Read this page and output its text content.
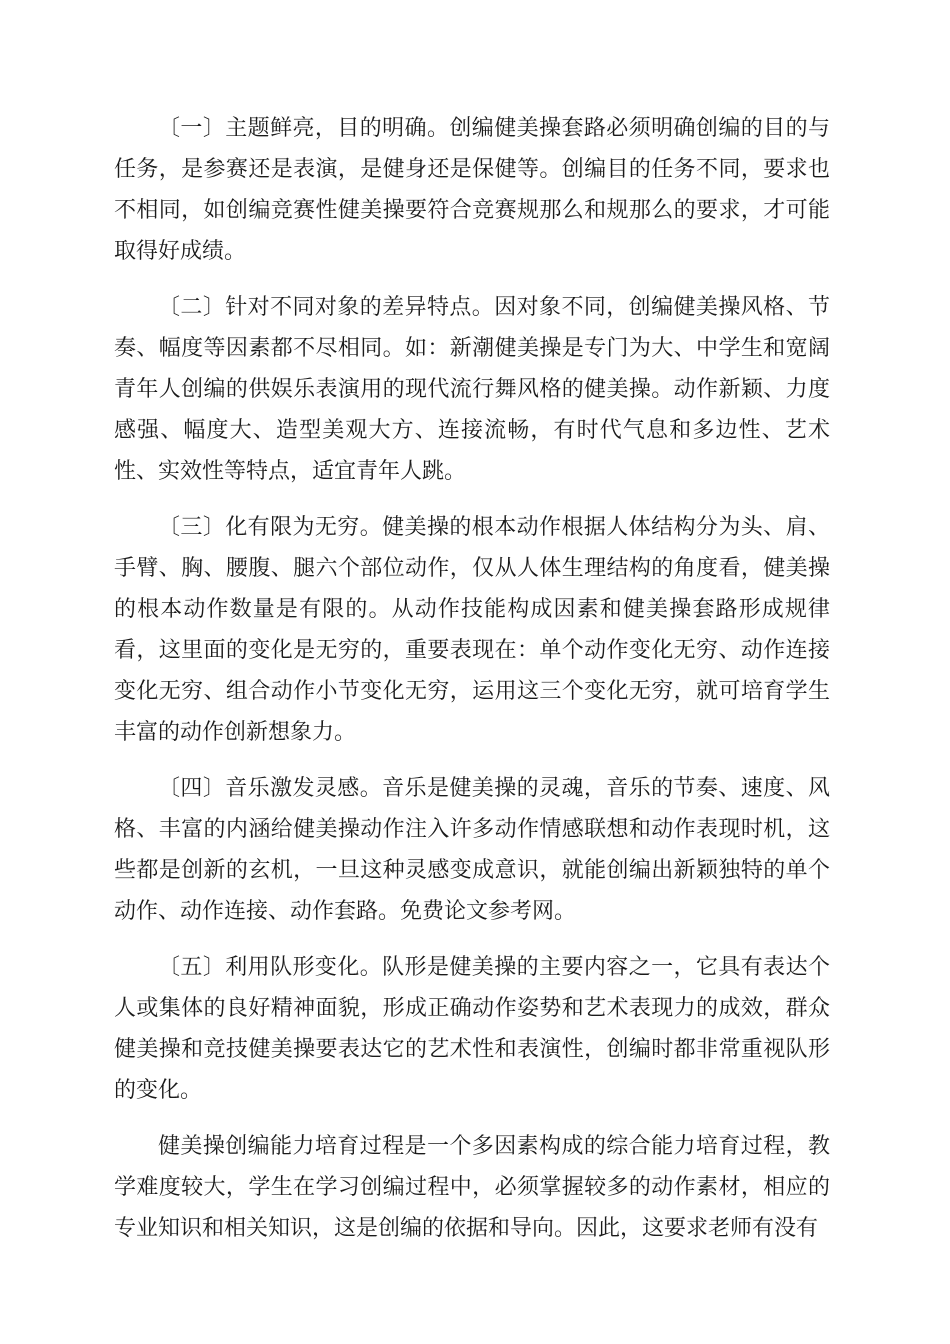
〔一〕主题鲜亮，目的明确。创编健美操套路必须明确创编的目的与任务，是参赛还是表演，是健身还是保健等。创编目的任务不同，要求也不相同，如创编竞赛性健美操要符合竞赛规那么和规那么的要求，才可能取得好成绩。

〔二〕针对不同对象的差异特点。因对象不同，创编健美操风格、节奏、幅度等因素都不尽相同。如：新潮健美操是专门为大、中学生和宽阔青年人创编的供娱乐表演用的现代流行舞风格的健美操。动作新颖、力度感强、幅度大、造型美观大方、连接流畅，有时代气息和多边性、艺术性、实效性等特点，适宜青年人跳。

〔三〕化有限为无穷。健美操的根本动作根据人体结构分为头、肩、手臂、胸、腰腹、腿六个部位动作，仅从人体生理结构的角度看，健美操的根本动作数量是有限的。从动作技能构成因素和健美操套路形成规律看，这里面的变化是无穷的，重要表现在：单个动作变化无穷、动作连接变化无穷、组合动作小节变化无穷，运用这三个变化无穷，就可培育学生丰富的动作创新想象力。

〔四〕音乐激发灵感。音乐是健美操的灵魂，音乐的节奏、速度、风格、丰富的内涵给健美操动作注入许多动作情感联想和动作表现时机，这些都是创新的玄机，一旦这种灵感变成意识，就能创编出新颖独特的单个动作、动作连接、动作套路。免费论文参考网。

〔五〕利用队形变化。队形是健美操的主要内容之一，它具有表达个人或集体的良好精神面貌，形成正确动作姿势和艺术表现力的成效，群众健美操和竞技健美操要表达它的艺术性和表演性，创编时都非常重视队形的变化。

健美操创编能力培育过程是一个多因素构成的综合能力培育过程，教学难度较大，学生在学习创编过程中，必须掌握较多的动作素材，相应的专业知识和相关知识，这是创编的依据和导向。因此，这要求老师有没有
